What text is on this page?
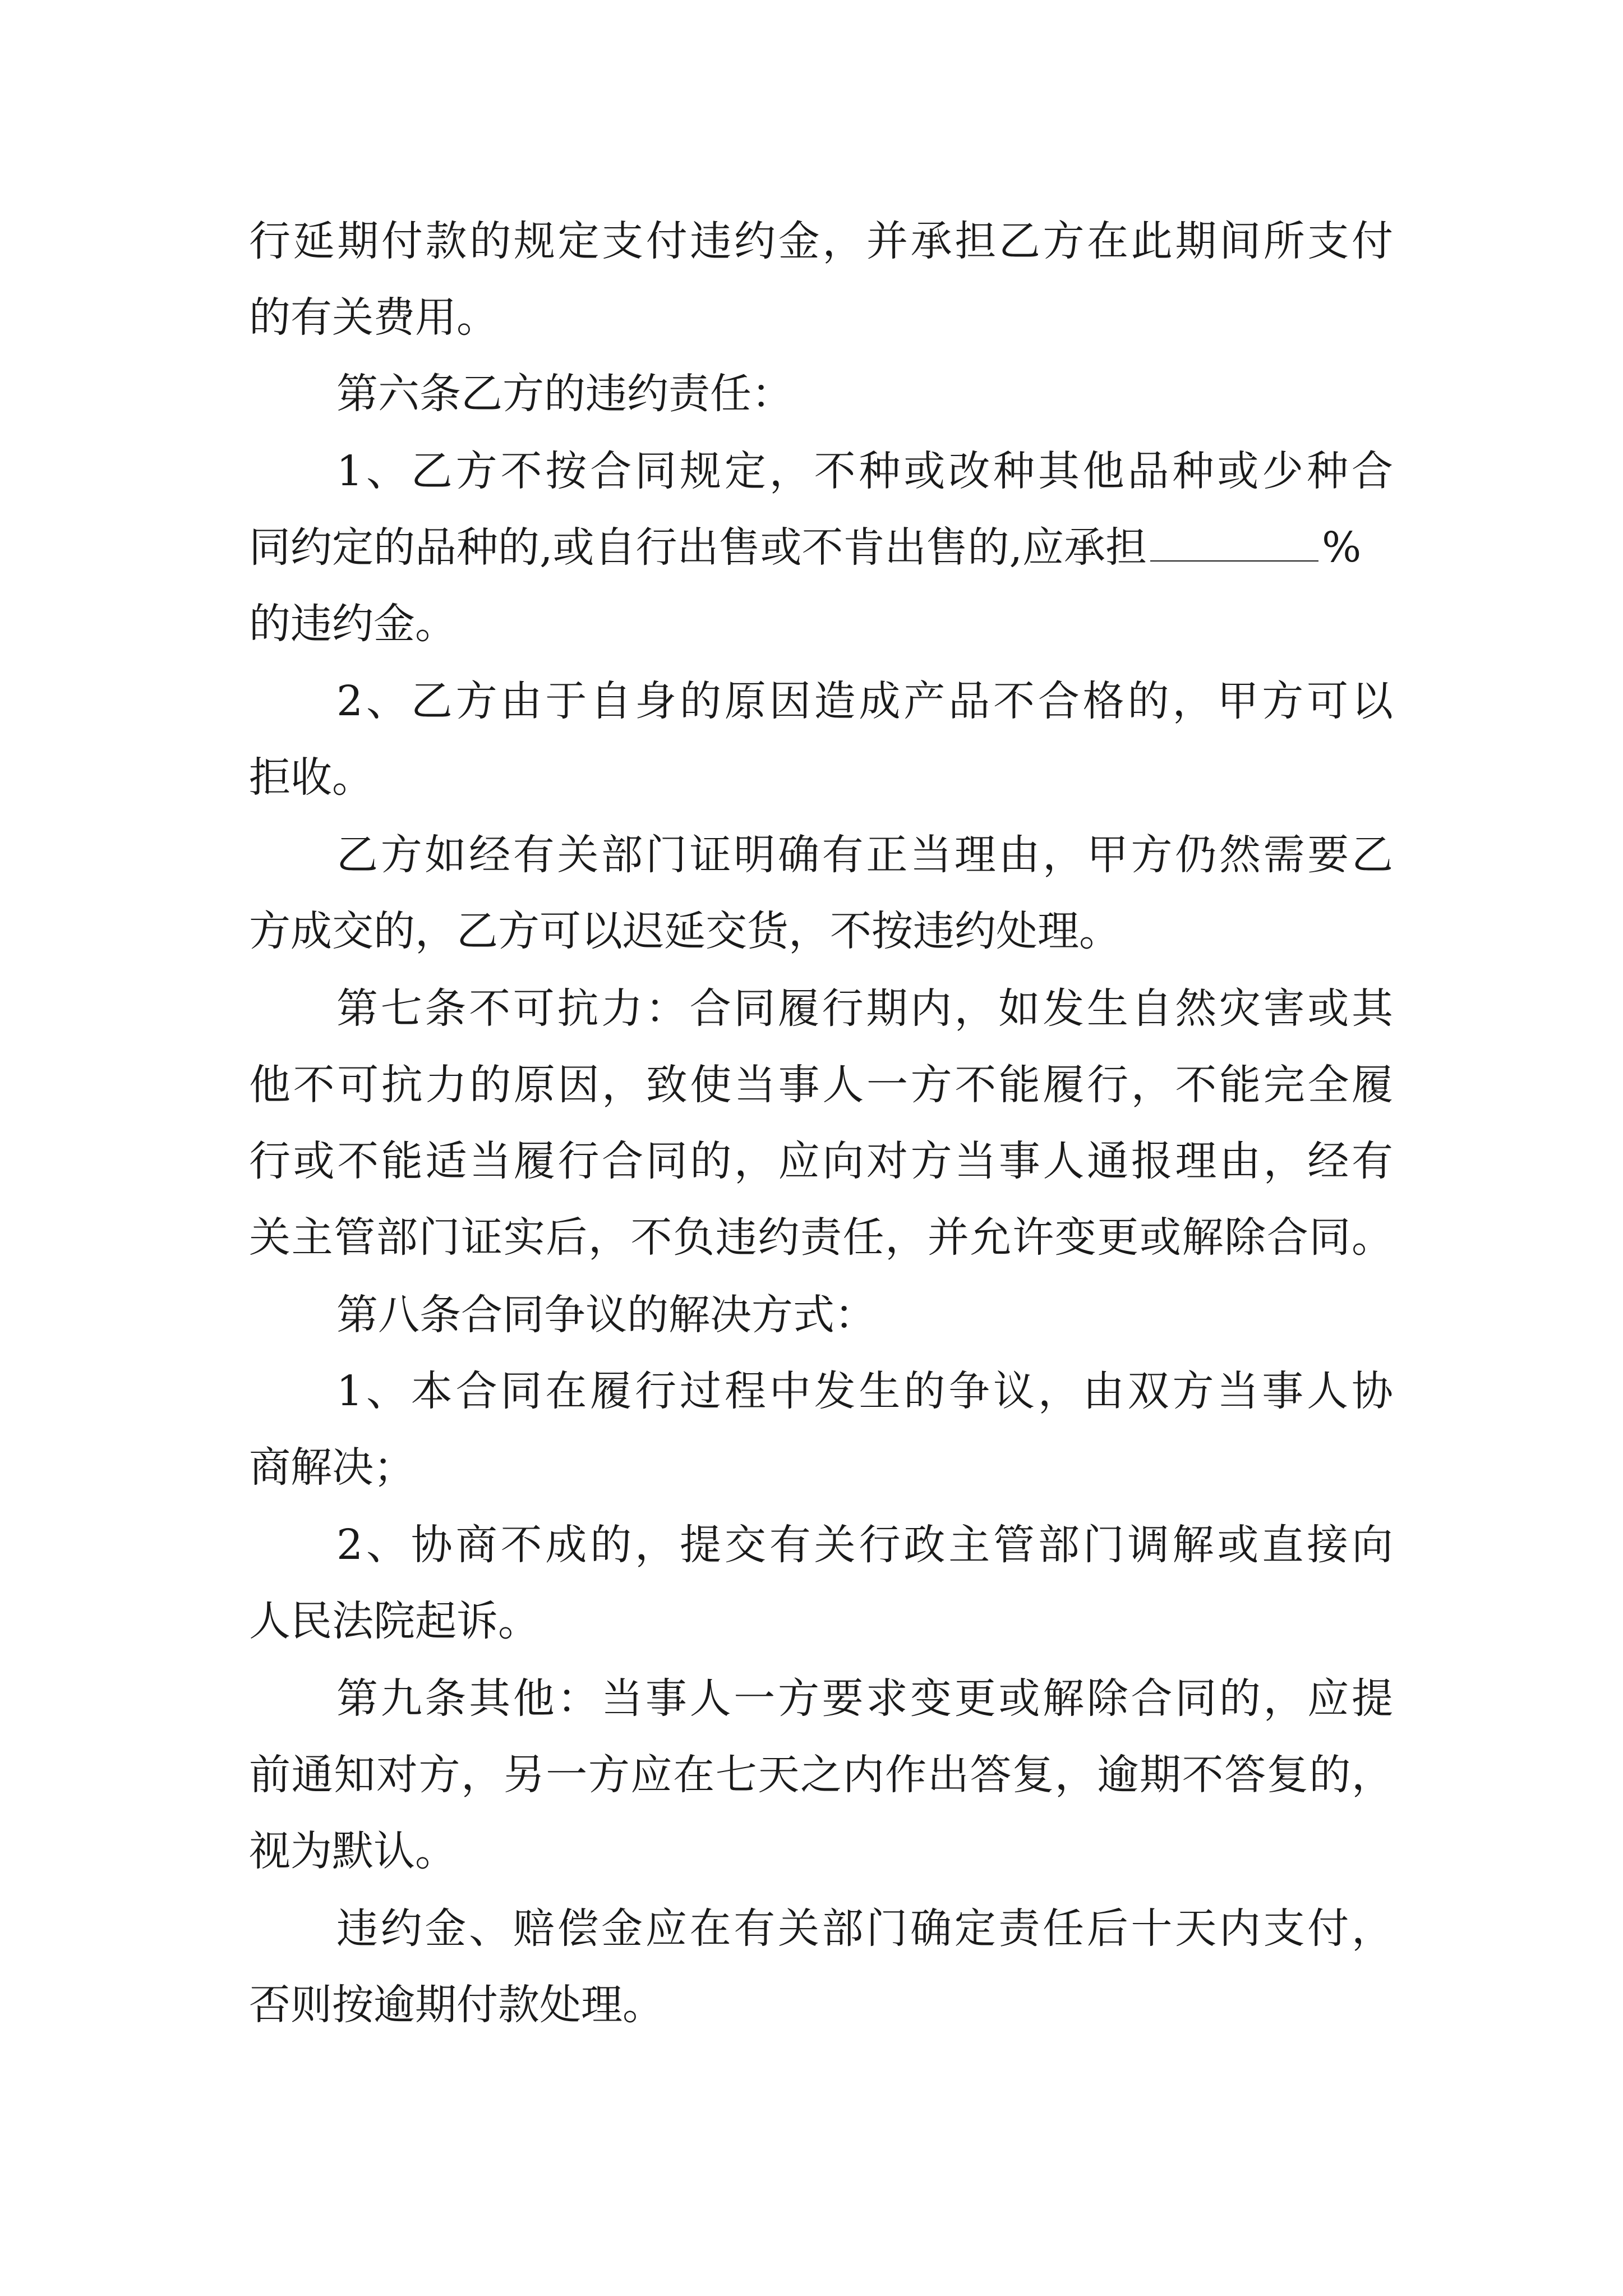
行延期付款的规定支付违约金，并承担乙方在此期间所支付
的有关费用。
第六条乙方的违约责任：
1、乙方不按合同规定，不种或改种其他品种或少种合
同约定的品种的,或自行出售或不肯出售的,应承担	%
的违约金。
2、乙方由于自身的原因造成产品不合格的，甲方可以
拒收。
乙方如经有关部门证明确有正当理由，甲方仍然需要乙
方成交的，乙方可以迟延交货，不按违约处理。
第七条不可抗力：合同履行期内，如发生自然灾害或其
他不可抗力的原因，致使当事人一方不能履行，不能完全履
行或不能适当履行合同的，应向对方当事人通报理由，经有
关主管部门证实后，不负违约责任，并允许变更或解除合同。
第八条合同争议的解决方式：
1、本合同在履行过程中发生的争议，由双方当事人协
商解决；
2、协商不成的，提交有关行政主管部门调解或直接向
人民法院起诉。
第九条其他：当事人一方要求变更或解除合同的，应提
前通知对方，另一方应在七天之内作出答复，逾期不答复的，
视为默认。
违约金、赔偿金应在有关部门确定责任后十天内支付，
否则按逾期付款处理。
